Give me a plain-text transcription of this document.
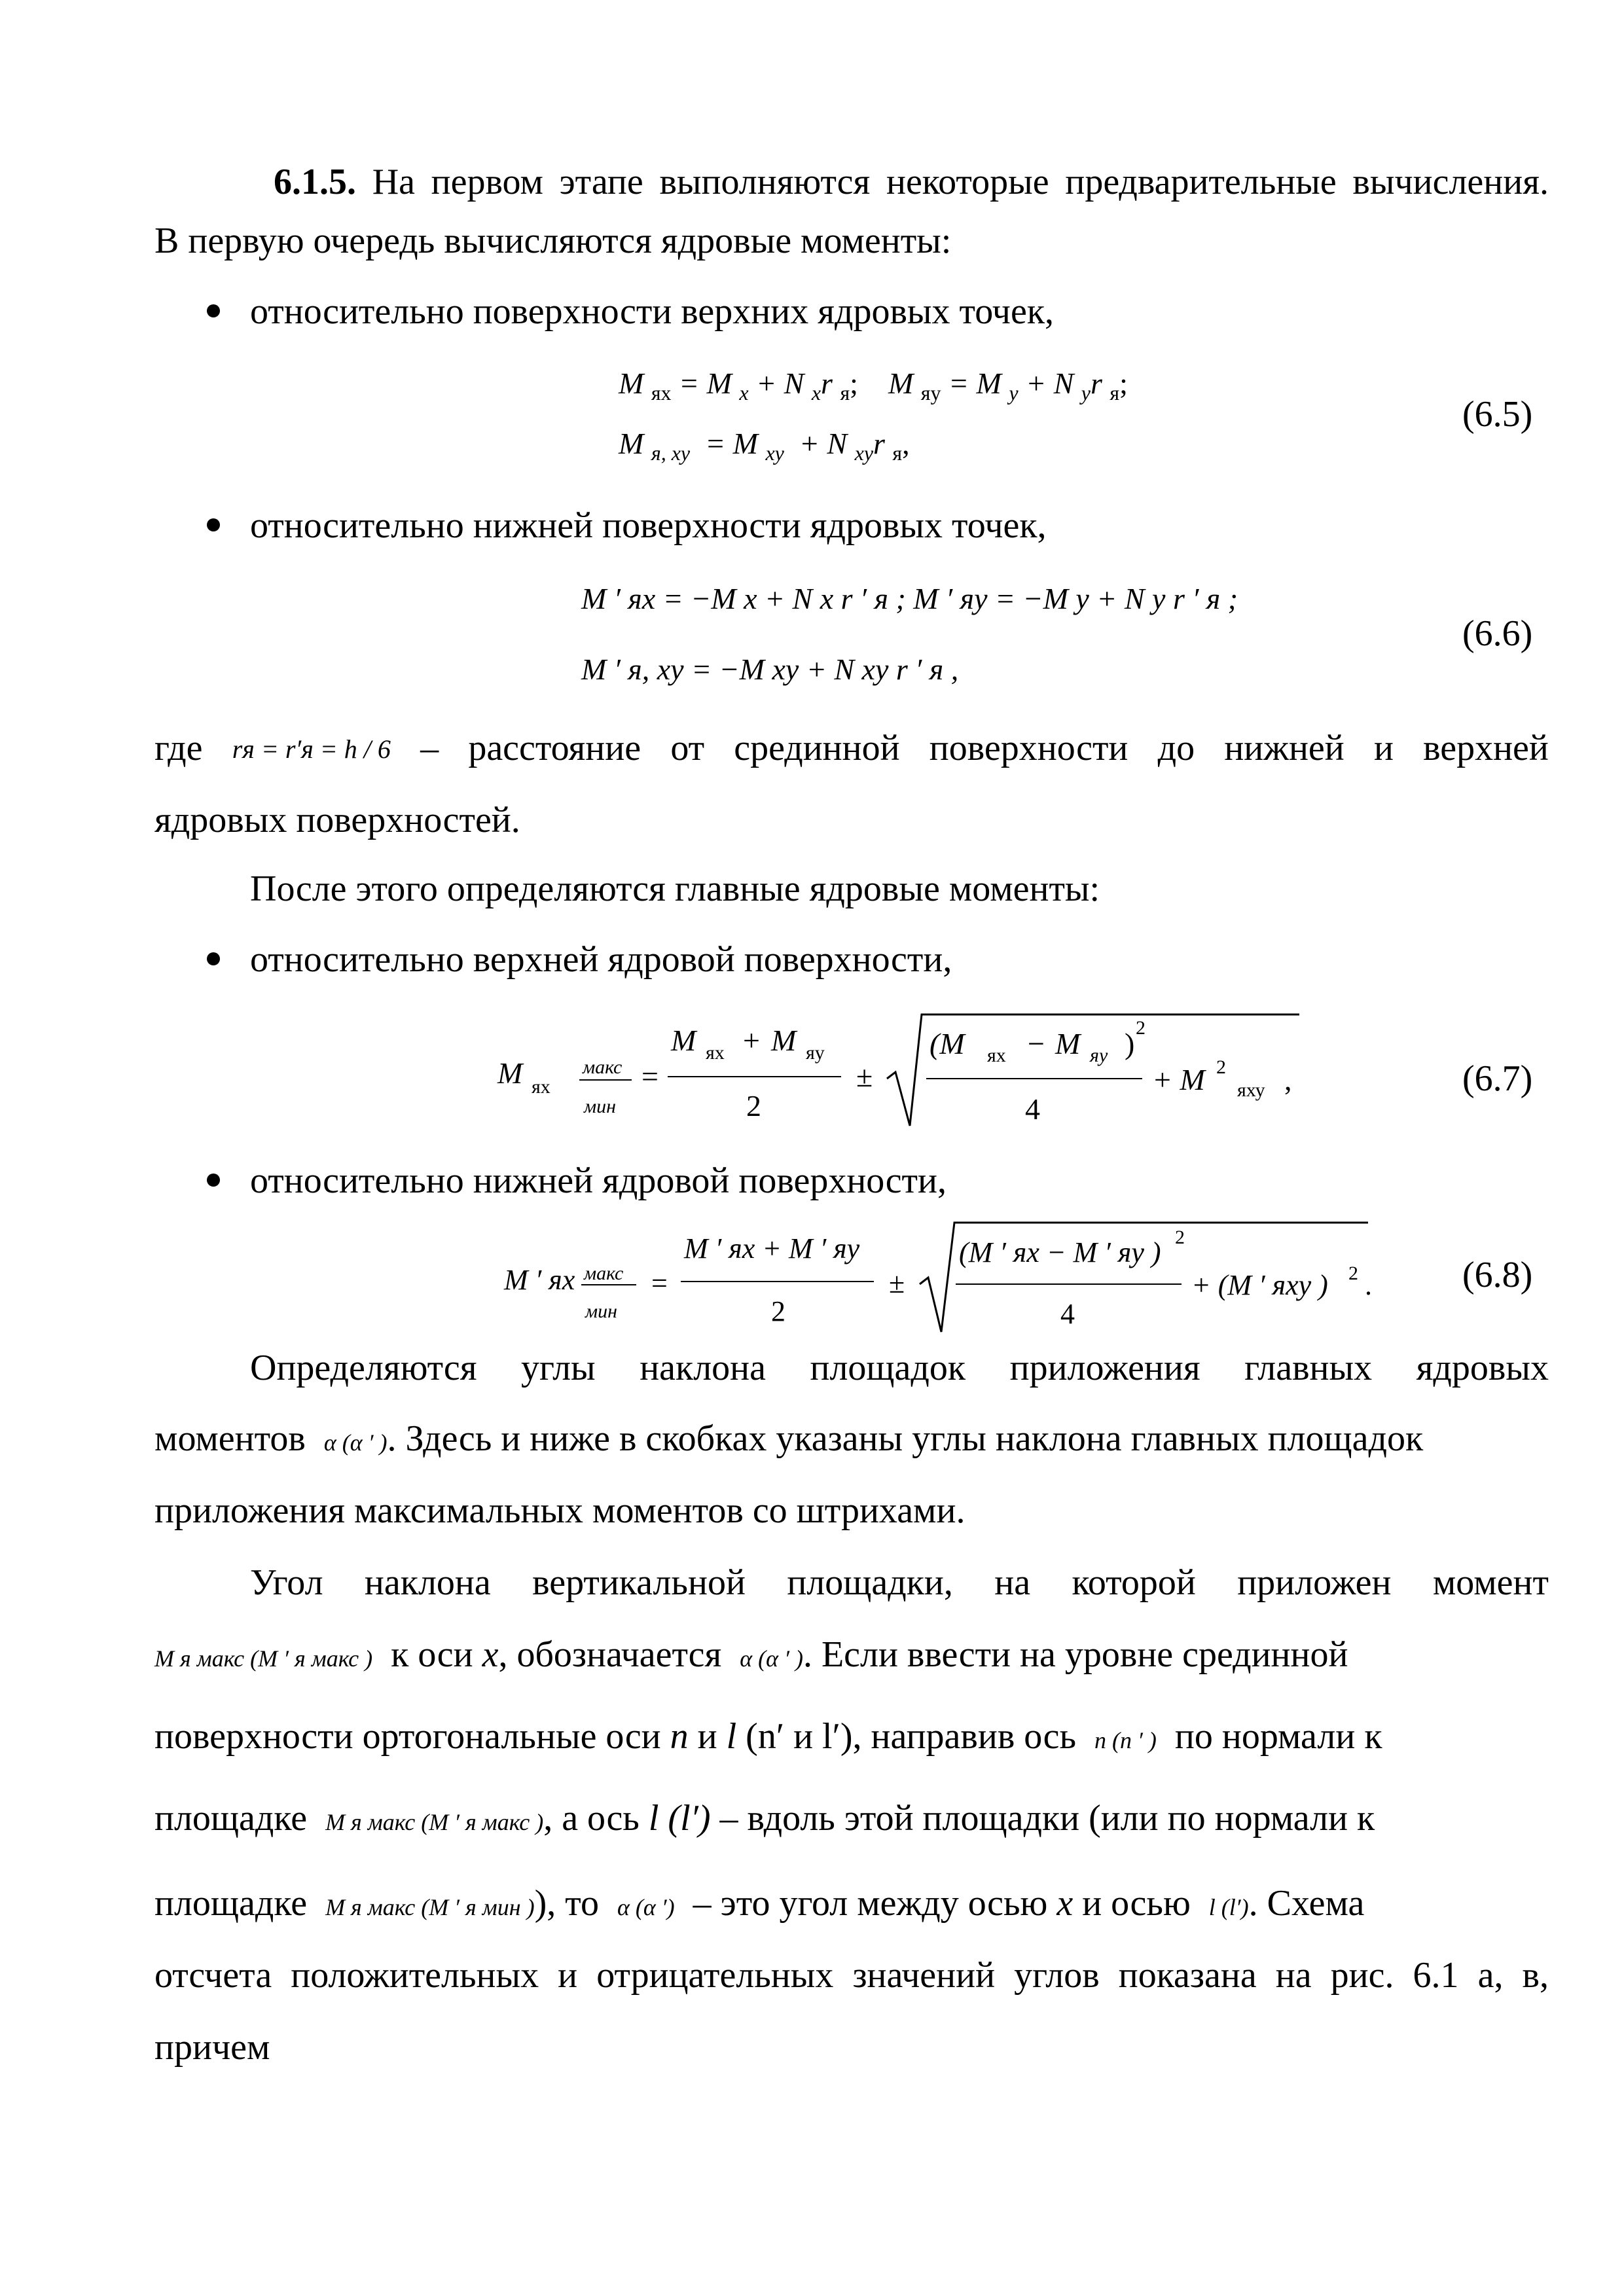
6.1.5. На первом этапе выполняются некоторые предварительные вычисления.
В первую очередь вычисляются ядровые моменты:
относительно поверхности верхних ядровых точек,
M $_{ях}$ = M $_x$ + N $_x$r $_я$; M $_{яy}$ = M $_y$ + N $_y$r $_я$;
M $_{я, xy}$ = M $_{xy}$ + N $_{xy}$r $_я$,
(6.5)
относительно нижней поверхности ядровых точек,
M ′ ях = −M x + N x r ′ я ; M ′ яy = −M y + N y r ′ я ;
M ′ я, xy = −M xy + N xy r ′ я ,
(6.6)
где rя = r′я = h / 6 – расстояние от срединной поверхности до нижней и верхней
ядровых поверхностей.
После этого определяются главные ядровые моменты:
относительно верхней ядровой поверхности,
M ях
макс
мин
=
M ях + M яy
2
±
(M ях − M яy ) 2
4
+ M 2
яху ,	(6.7)
относительно нижней ядровой поверхности,
M ′ ях макс
мин
=
M ′ ях + M ′ яy
2
±
(M ′ ях − M ′ яy ) 2
4
+ (M ′ яху ) 2 . (6.8)
Определяются углы наклона площадок приложения главных ядровых
моментов α (α ′ ). Здесь и ниже в скобках указаны углы наклона главных площадок
приложения максимальных моментов со штрихами.
Угол наклона вертикальной площадки, на которой приложен момент
M я макс (M ′ я макс ) к оси x, обозначается α (α ′ ). Если ввести на уровне срединной
поверхности ортогональные оси n и l (n′ и l′), направив ось n (n ′ ) по нормали к
площадке M я макс (M ′ я макс ), а ось l (l′) – вдоль этой площадки (или по нормали к
площадке M я макс (M ′ я мин )), то α (α ′) – это угол между осью x и осью l (l′). Схема
отсчета положительных и отрицательных значений углов показана на рис. 6.1 а, в,
причем
